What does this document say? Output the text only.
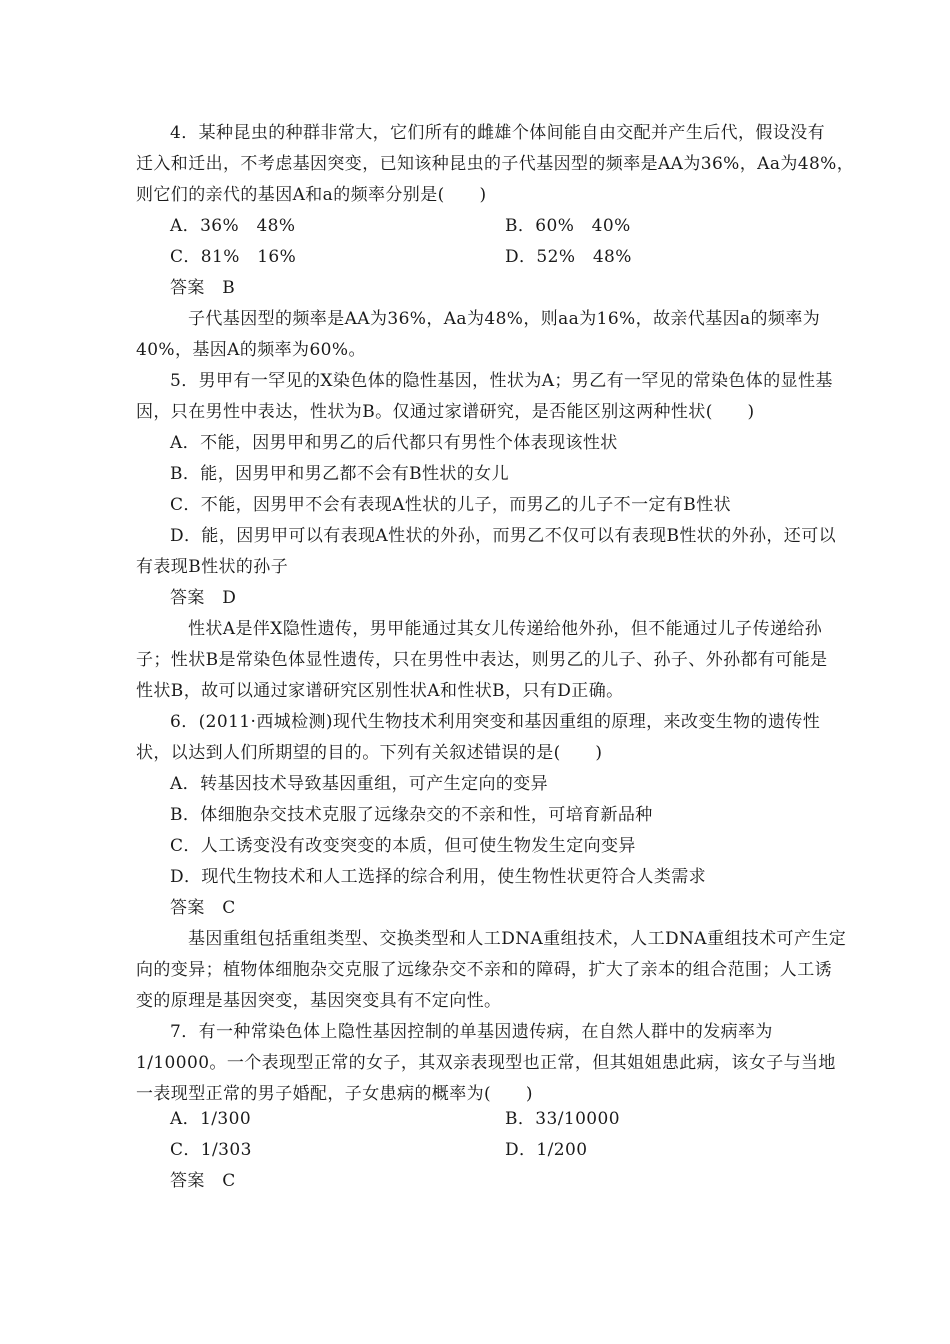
4．某种昆虫的种群非常大，它们所有的雌雄个体间能自由交配并产生后代，假设没有
迁入和迁出，不考虑基因突变，已知该种昆虫的子代基因型的频率是AA为36%，Aa为48%，
则它们的亲代的基因A和a的频率分别是(　　)
A．36%　48%	B．60%　40%
C．81%　16%	D．52%　48%
答案　B
子代基因型的频率是AA为36%，Aa为48%，则aa为16%，故亲代基因a的频率为
40%，基因A的频率为60%。
5．男甲有一罕见的X染色体的隐性基因，性状为A；男乙有一罕见的常染色体的显性基
因，只在男性中表达，性状为B。仅通过家谱研究，是否能区别这两种性状(　　)
A．不能，因男甲和男乙的后代都只有男性个体表现该性状
B．能，因男甲和男乙都不会有B性状的女儿
C．不能，因男甲不会有表现A性状的儿子，而男乙的儿子不一定有B性状
D．能，因男甲可以有表现A性状的外孙，而男乙不仅可以有表现B性状的外孙，还可以
有表现B性状的孙子
答案　D
性状A是伴X隐性遗传，男甲能通过其女儿传递给他外孙，但不能通过儿子传递给孙
子；性状B是常染色体显性遗传，只在男性中表达，则男乙的儿子、孙子、外孙都有可能是
性状B，故可以通过家谱研究区别性状A和性状B，只有D正确。
6．(2011·西城检测)现代生物技术利用突变和基因重组的原理，来改变生物的遗传性
状，以达到人们所期望的目的。下列有关叙述错误的是(　　)
A．转基因技术导致基因重组，可产生定向的变异
B．体细胞杂交技术克服了远缘杂交的不亲和性，可培育新品种
C．人工诱变没有改变突变的本质，但可使生物发生定向变异
D．现代生物技术和人工选择的综合利用，使生物性状更符合人类需求
答案　C
基因重组包括重组类型、交换类型和人工DNA重组技术，人工DNA重组技术可产生定
向的变异；植物体细胞杂交克服了远缘杂交不亲和的障碍，扩大了亲本的组合范围；人工诱
变的原理是基因突变，基因突变具有不定向性。
7．有一种常染色体上隐性基因控制的单基因遗传病，在自然人群中的发病率为
1/10000。一个表现型正常的女子，其双亲表现型也正常，但其姐姐患此病，该女子与当地
一表现型正常的男子婚配，子女患病的概率为(　　)
A．1/300	B．33/10000
C．1/303	D．1/200
答案　C
